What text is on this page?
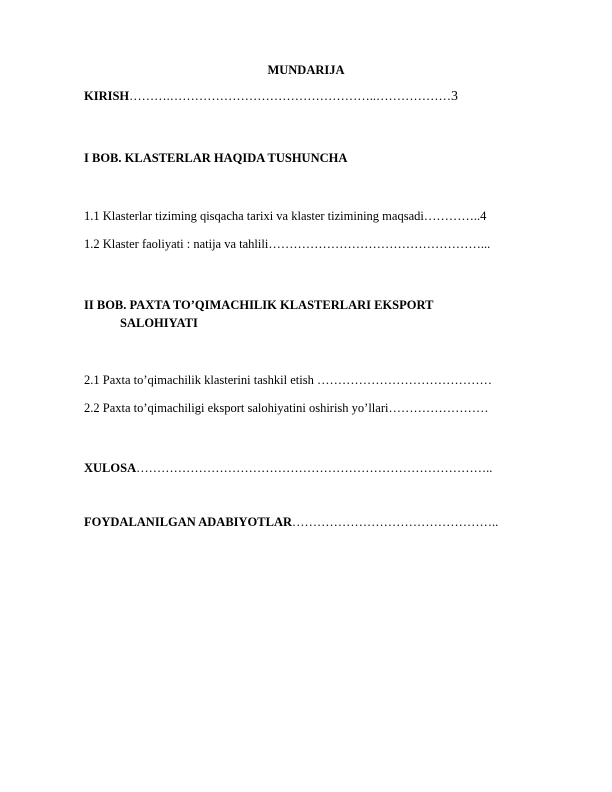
MUNDARIJA
KIRISH……….…………………………………………..………………3
I BOB. KLASTERLAR HAQIDA TUSHUNCHA
1.1 Klasterlar tiziming qisqacha tarixi va klaster tizimining maqsadi…………..4
1.2 Klaster faoliyati : natija va tahlili……………………………………………...
II BOB. PAXTA TO’QIMACHILIK KLASTERLARI EKSPORT
SALOHIYATI
2.1 Paxta to’qimachilik klasterini tashkil etish ……………………………………
2.2 Paxta to’qimachiligi eksport salohiyatini oshirish yo’llari……………………
XULOSA…………………………………………………………………………..
FOYDALANILGAN ADABIYOTLAR…………………………………………..
